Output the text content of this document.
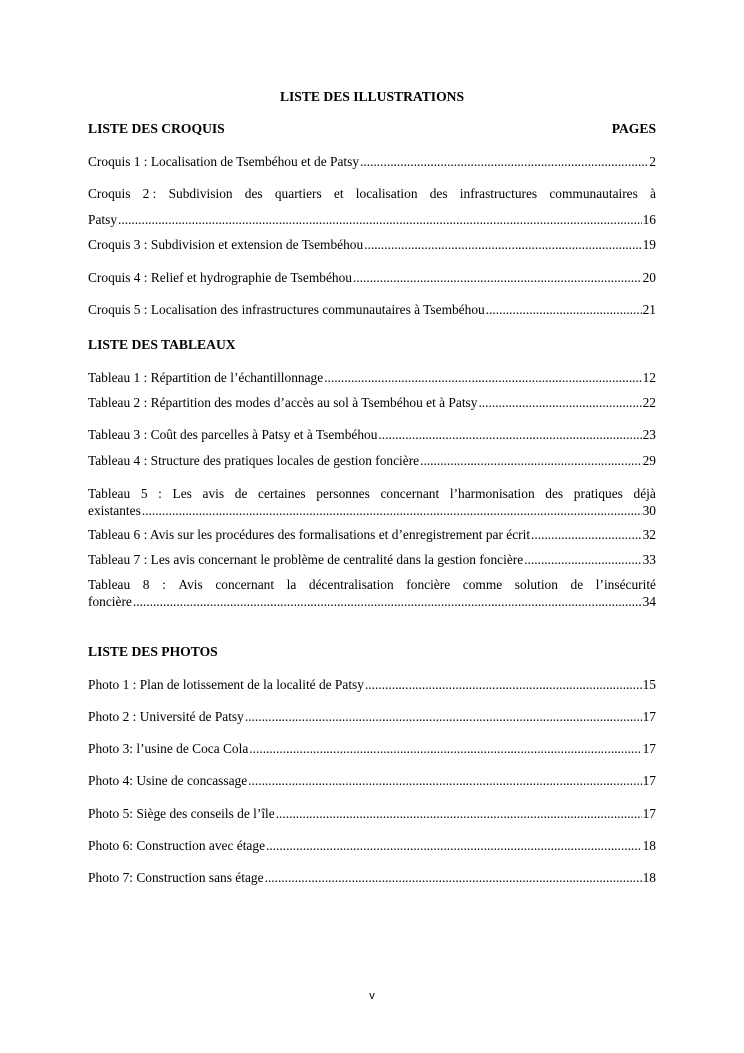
LISTE DES ILLUSTRATIONS
LISTE DES CROQUIS	PAGES
Croquis 1 : Localisation de Tsembéhou et de Patsy .....	2
Croquis 2 : Subdivision des quartiers et localisation des infrastructures communautaires à
Patsy .....	16
Croquis 3 : Subdivision et extension de Tsembéhou .....	19
Croquis 4 : Relief et hydrographie de Tsembéhou .....	20
Croquis 5 : Localisation des infrastructures communautaires à Tsembéhou .....	21
LISTE DES TABLEAUX
Tableau 1 : Répartition de l’échantillonnage .....	12
Tableau 2 : Répartition des modes d’accès au sol à Tsembéhou et à Patsy .....	22
Tableau 3 : Coût des parcelles à Patsy et à Tsembéhou .....	23
Tableau 4 : Structure des pratiques locales de gestion foncière .....	29
Tableau 5 : Les avis de certaines personnes concernant l’harmonisation des pratiques déjà
existantes .....	30
Tableau 6 : Avis sur les procédures des formalisations et d’enregistrement par écrit .....	32
Tableau 7 : Les avis concernant le problème de centralité dans la gestion foncière .....	33
Tableau 8 : Avis concernant la décentralisation foncière comme solution de l’insécurité
foncière .....	34
LISTE DES PHOTOS
Photo 1 : Plan de lotissement de la localité de Patsy .....	15
Photo 2 : Université de Patsy .....	17
Photo 3: l’usine de Coca Cola .....	17
Photo 4: Usine de concassage .....	17
Photo 5: Siège des conseils de l’île .....	17
Photo 6: Construction avec étage .....	18
Photo 7: Construction sans étage .....	18
v
